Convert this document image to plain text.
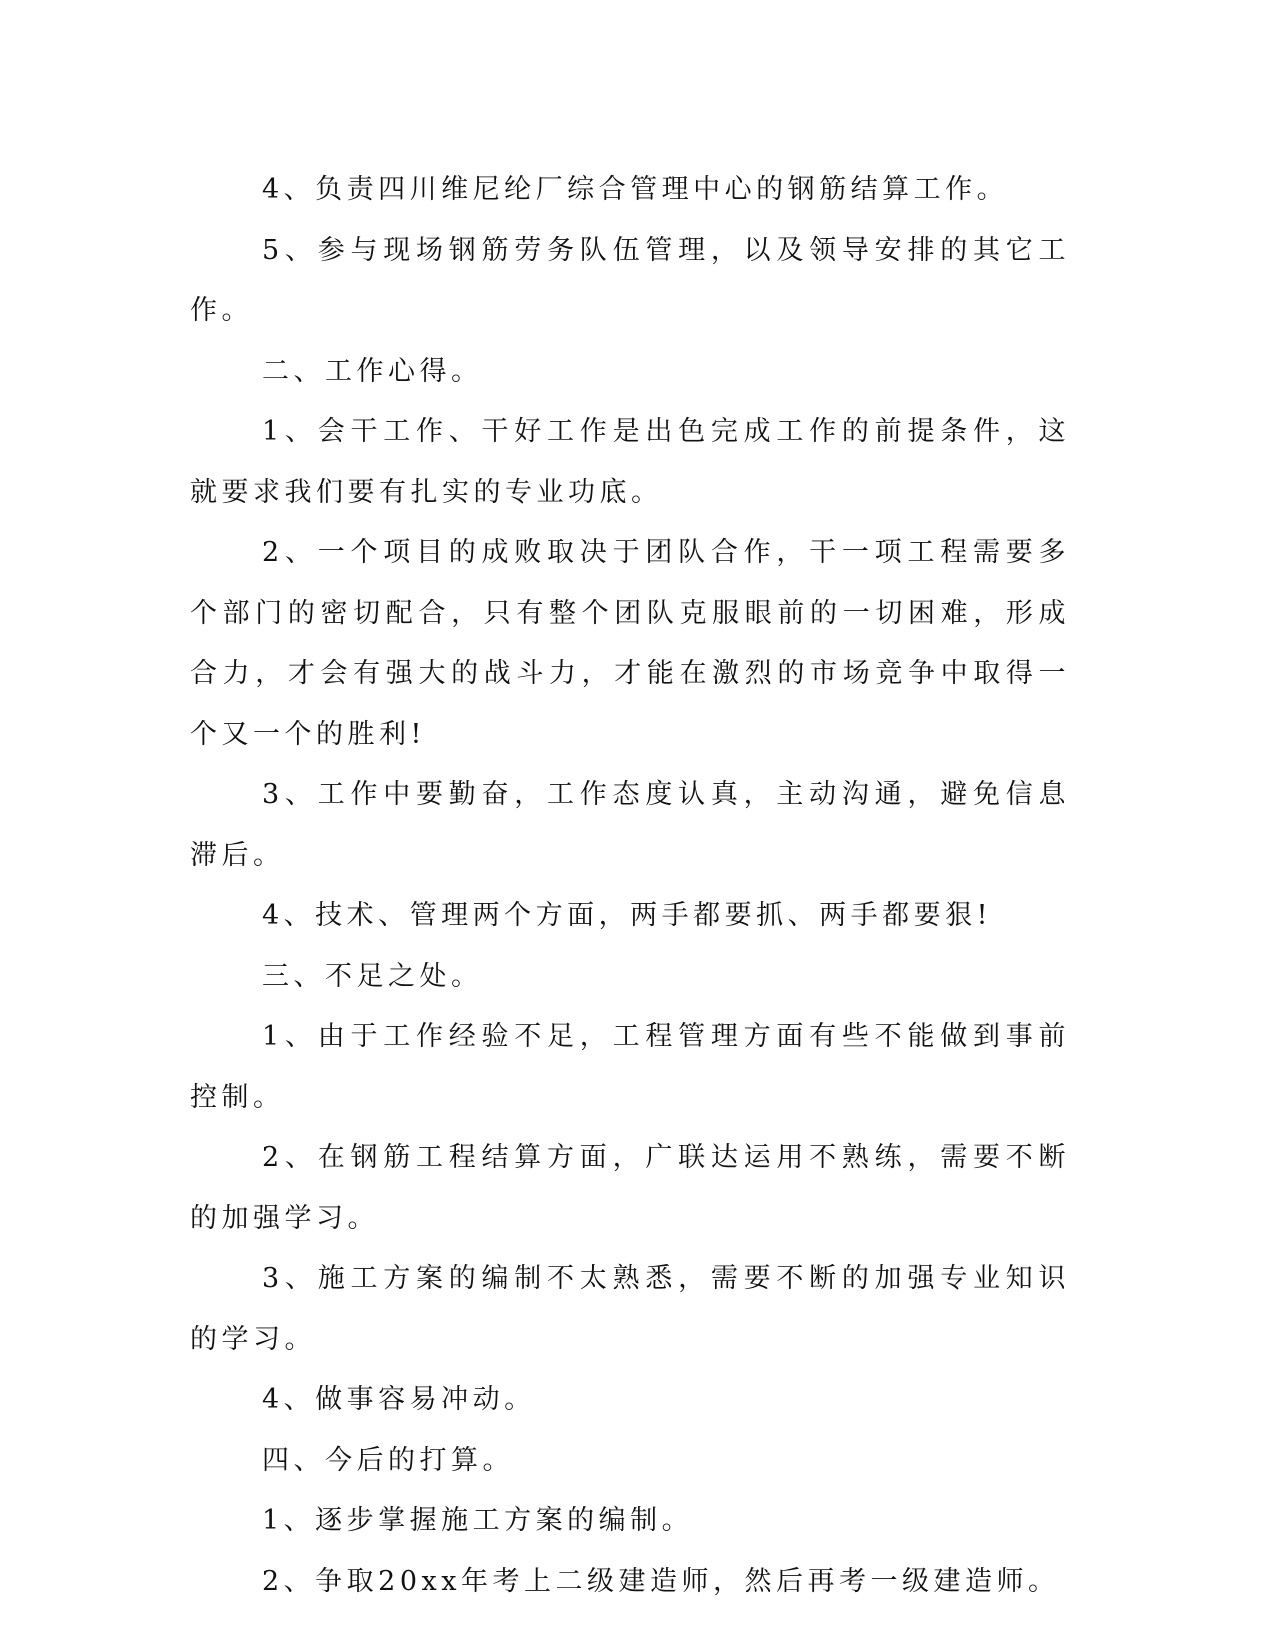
4、负责四川维尼纶厂综合管理中心的钢筋结算工作。

5、参与现场钢筋劳务队伍管理，以及领导安排的其它工作。

二、工作心得。

1、会干工作、干好工作是出色完成工作的前提条件，这就要求我们要有扎实的专业功底。

2、一个项目的成败取决于团队合作，干一项工程需要多个部门的密切配合，只有整个团队克服眼前的一切困难，形成合力，才会有强大的战斗力，才能在激烈的市场竞争中取得一个又一个的胜利!

3、工作中要勤奋，工作态度认真，主动沟通，避免信息滞后。

4、技术、管理两个方面，两手都要抓、两手都要狠!

三、不足之处。

1、由于工作经验不足，工程管理方面有些不能做到事前控制。

2、在钢筋工程结算方面，广联达运用不熟练，需要不断的加强学习。

3、施工方案的编制不太熟悉，需要不断的加强专业知识的学习。

4、做事容易冲动。

四、今后的打算。

1、逐步掌握施工方案的编制。

2、争取20xx年考上二级建造师，然后再考一级建造师。
